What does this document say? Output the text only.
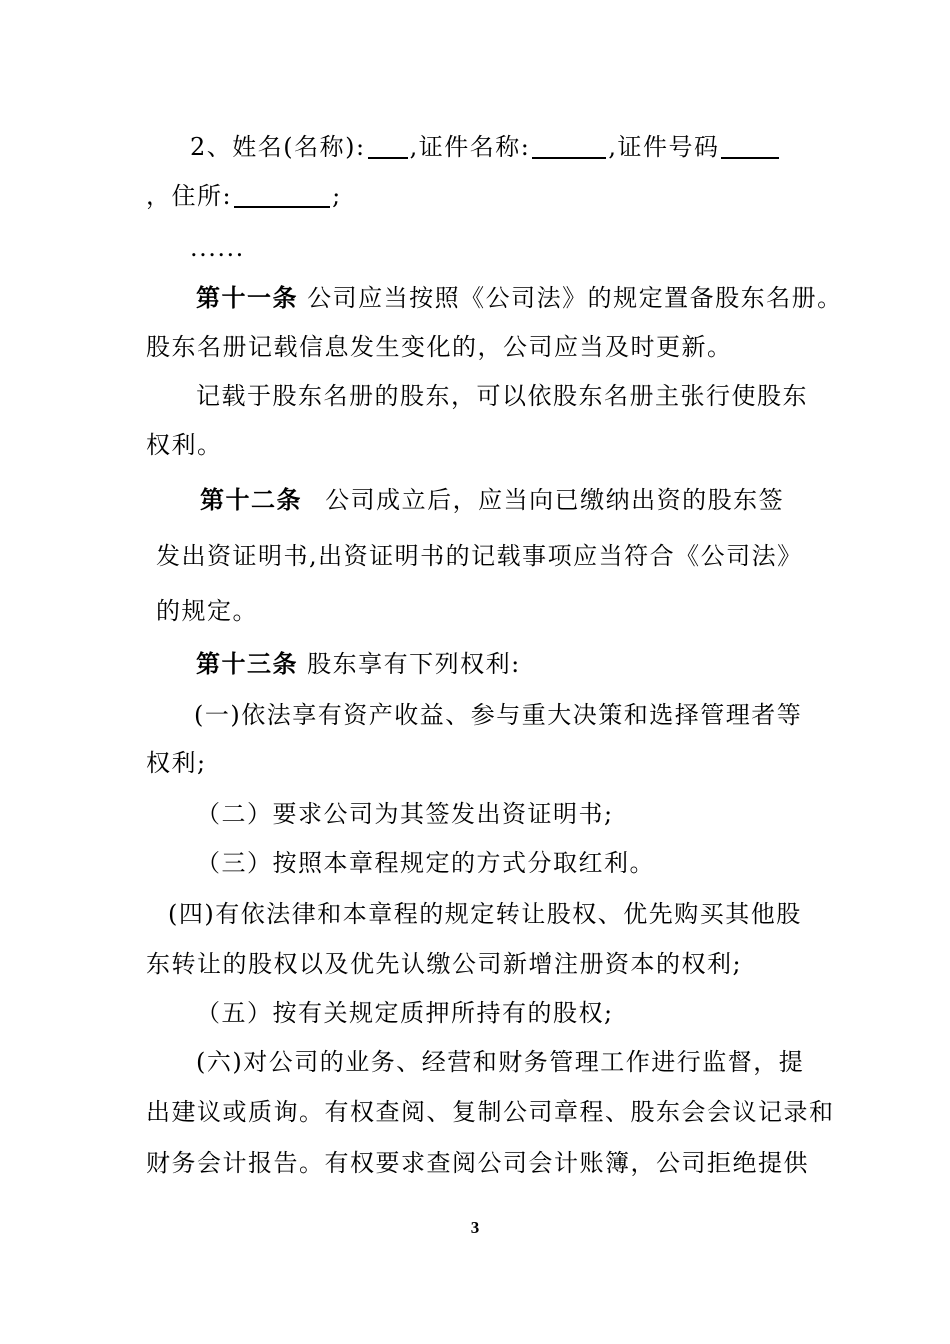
2、姓名(名称): ,证件名称:	,证件号码
，住所:	;
......
第十一条 公司应当按照《公司法》的规定置备股东名册。
股东名册记载信息发生变化的，公司应当及时更新。
记载于股东名册的股东，可以依股东名册主张行使股东
权利。
第十二条 公司成立后，应当向已缴纳出资的股东签
发出资证明书,出资证明书的记载事项应当符合《公司法》
的规定。
第十三条 股东享有下列权利:
(一)依法享有资产收益、参与重大决策和选择管理者等
权利;
（二）要求公司为其签发出资证明书;
（三）按照本章程规定的方式分取红利。
(四)有依法律和本章程的规定转让股权、优先购买其他股
东转让的股权以及优先认缴公司新增注册资本的权利;
（五）按有关规定质押所持有的股权;
(六)对公司的业务、经营和财务管理工作进行监督，提
出建议或质询。有权查阅、复制公司章程、股东会会议记录和
财务会计报告。有权要求查阅公司会计账簿，公司拒绝提供
3
